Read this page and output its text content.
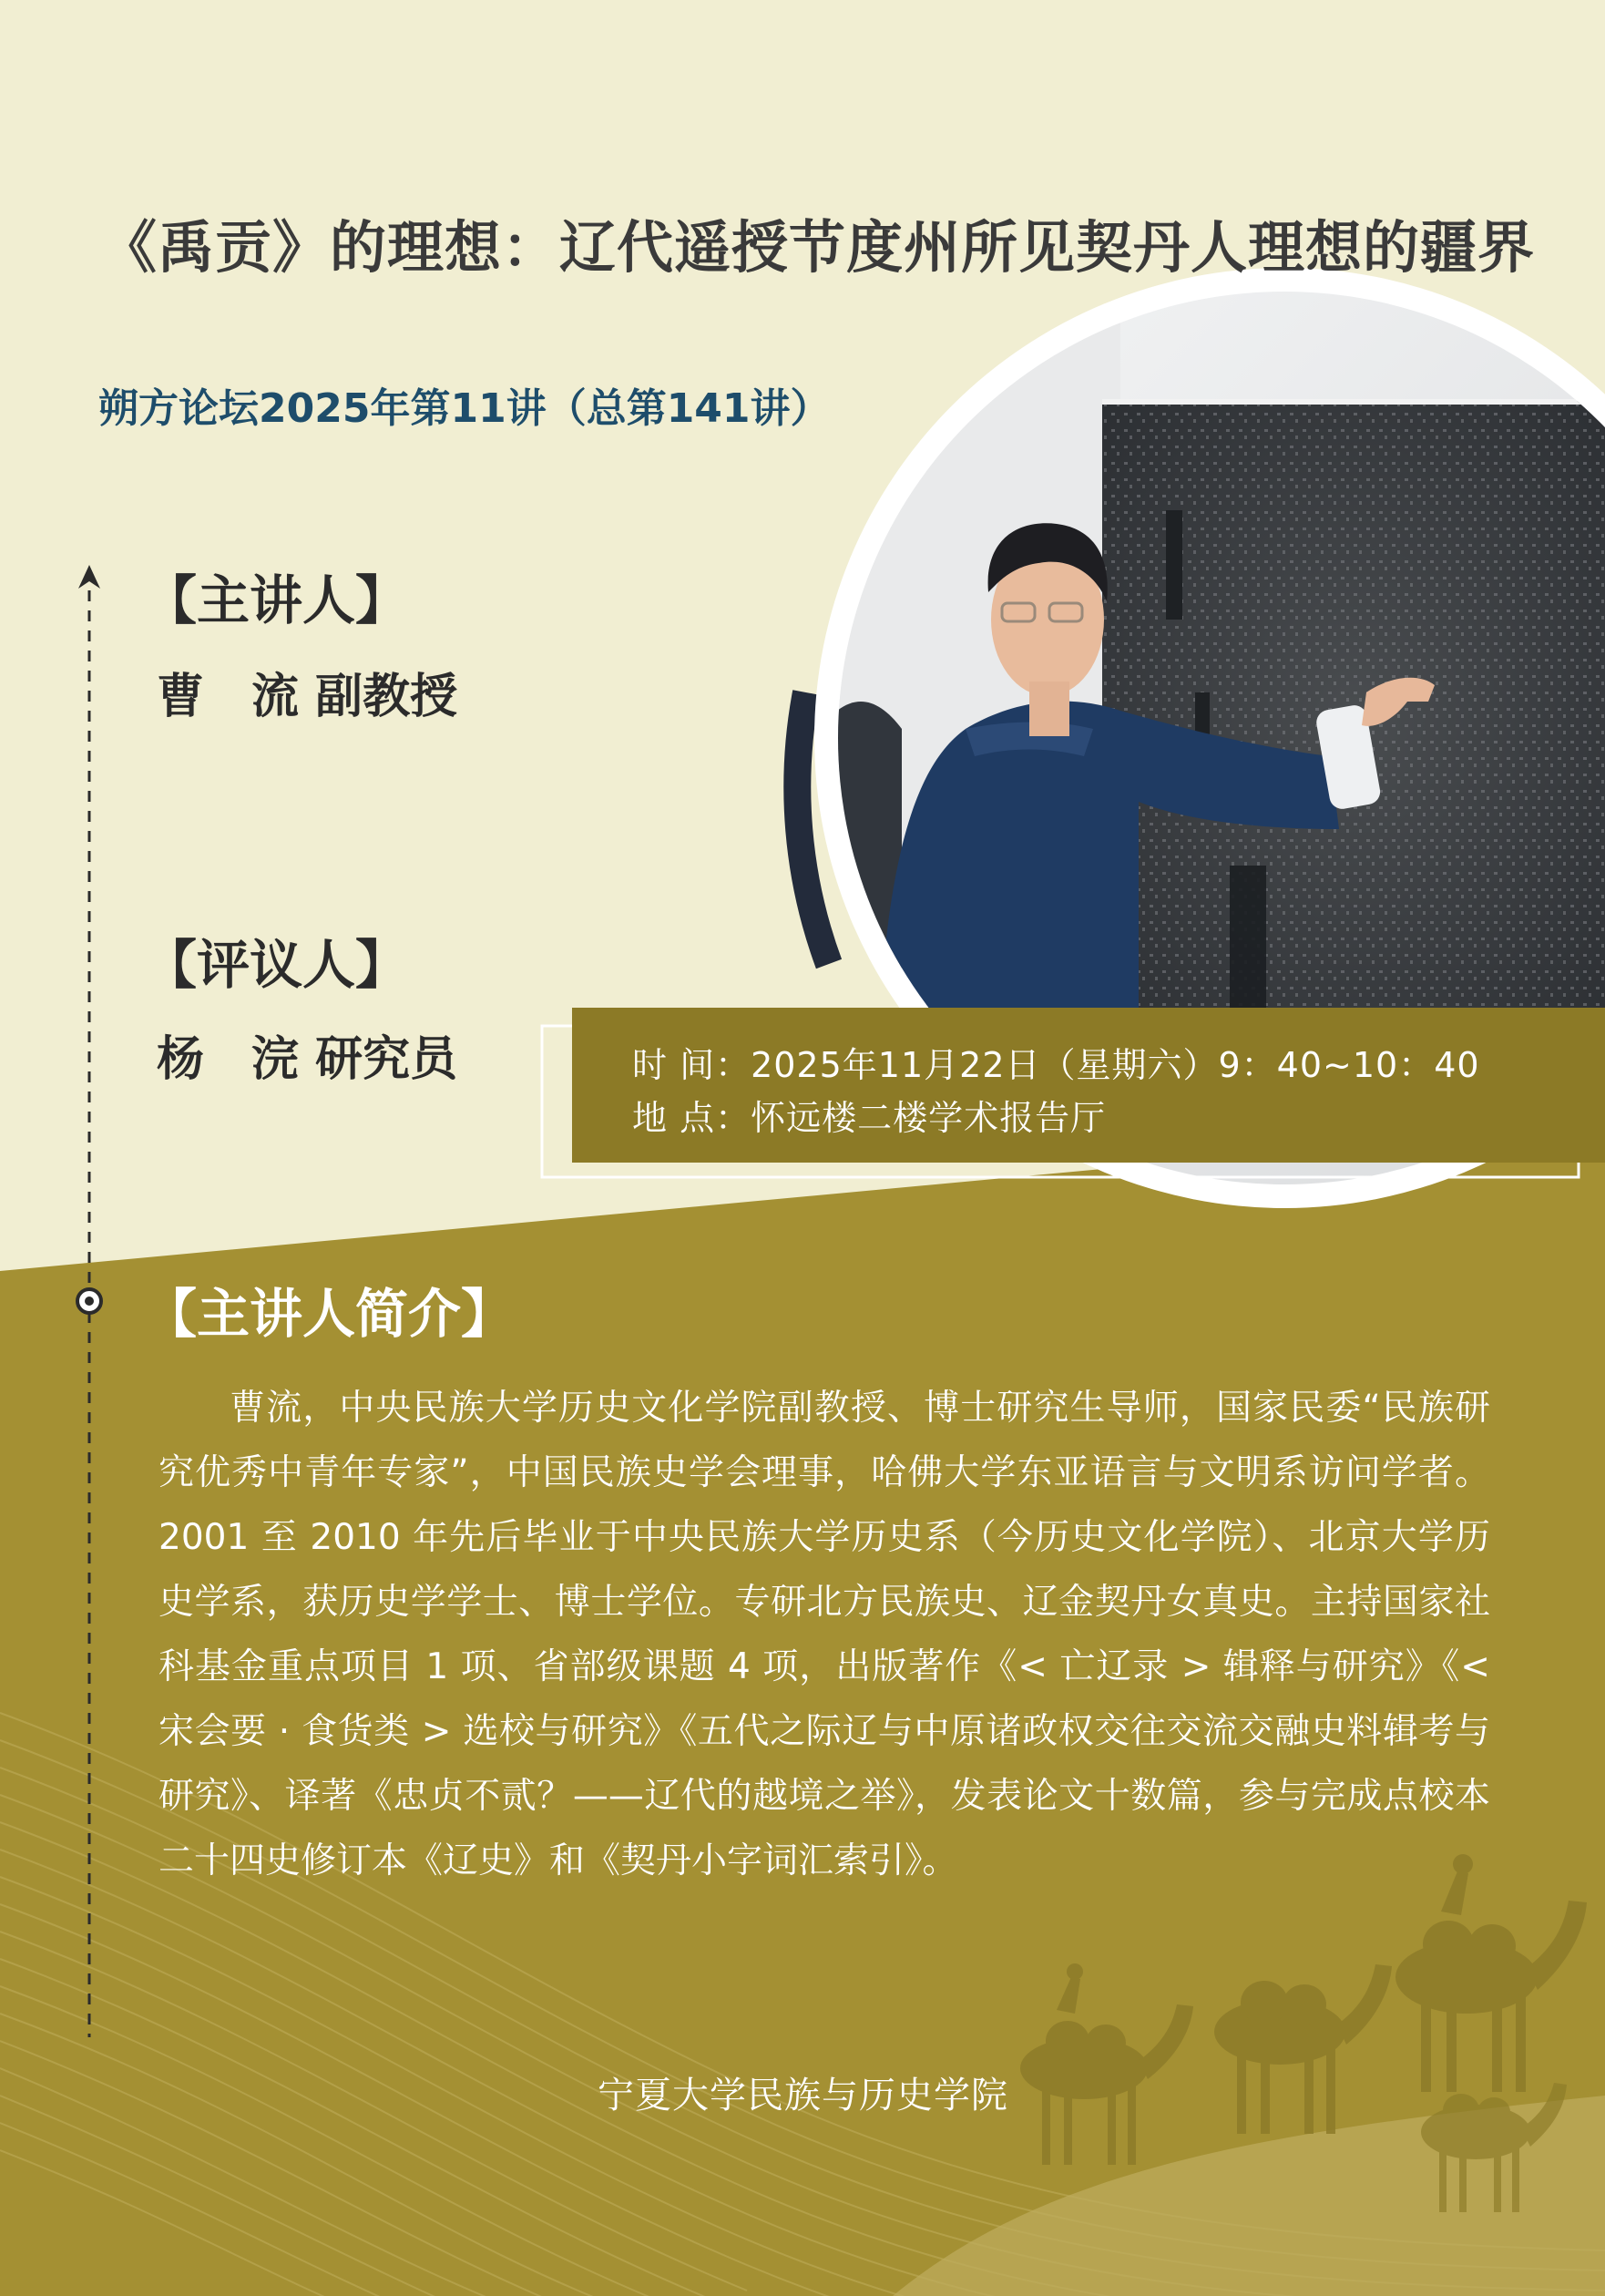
《禹贡》的理想：辽代遥授节度州所见契丹人理想的疆界
朔方论坛2025年第11讲（总第141讲）
【主讲人】
曹　流 副教授
【评议人】
杨　浣 研究员	时 间：2025年11月22日（星期六）9：40~10：40
地 点：怀远楼二楼学术报告厅
【主讲人简介】
曹流，中央民族大学历史文化学院副教授、博士研究生导师，国家民委“民族研究优秀中青年专家”，中国民族史学会理事，哈佛大学东亚语言与文明系访问学者。2001 至 2010 年先后毕业于中央民族大学历史系（今历史文化学院）、北京大学历史学系，获历史学学士、博士学位。专研北方民族史、辽金契丹女真史。主持国家社科基金重点项目 1 项、省部级课题 4 项，出版著作《< 亡辽录 > 辑释与研究》《< 宋会要 · 食货类 > 选校与研究》《五代之际辽与中原诸政权交往交流交融史料辑考与研究》、译著《忠贞不贰？——辽代的越境之举》，发表论文十数篇，参与完成点校本二十四史修订本《辽史》和《契丹小字词汇索引》。
宁夏大学民族与历史学院
